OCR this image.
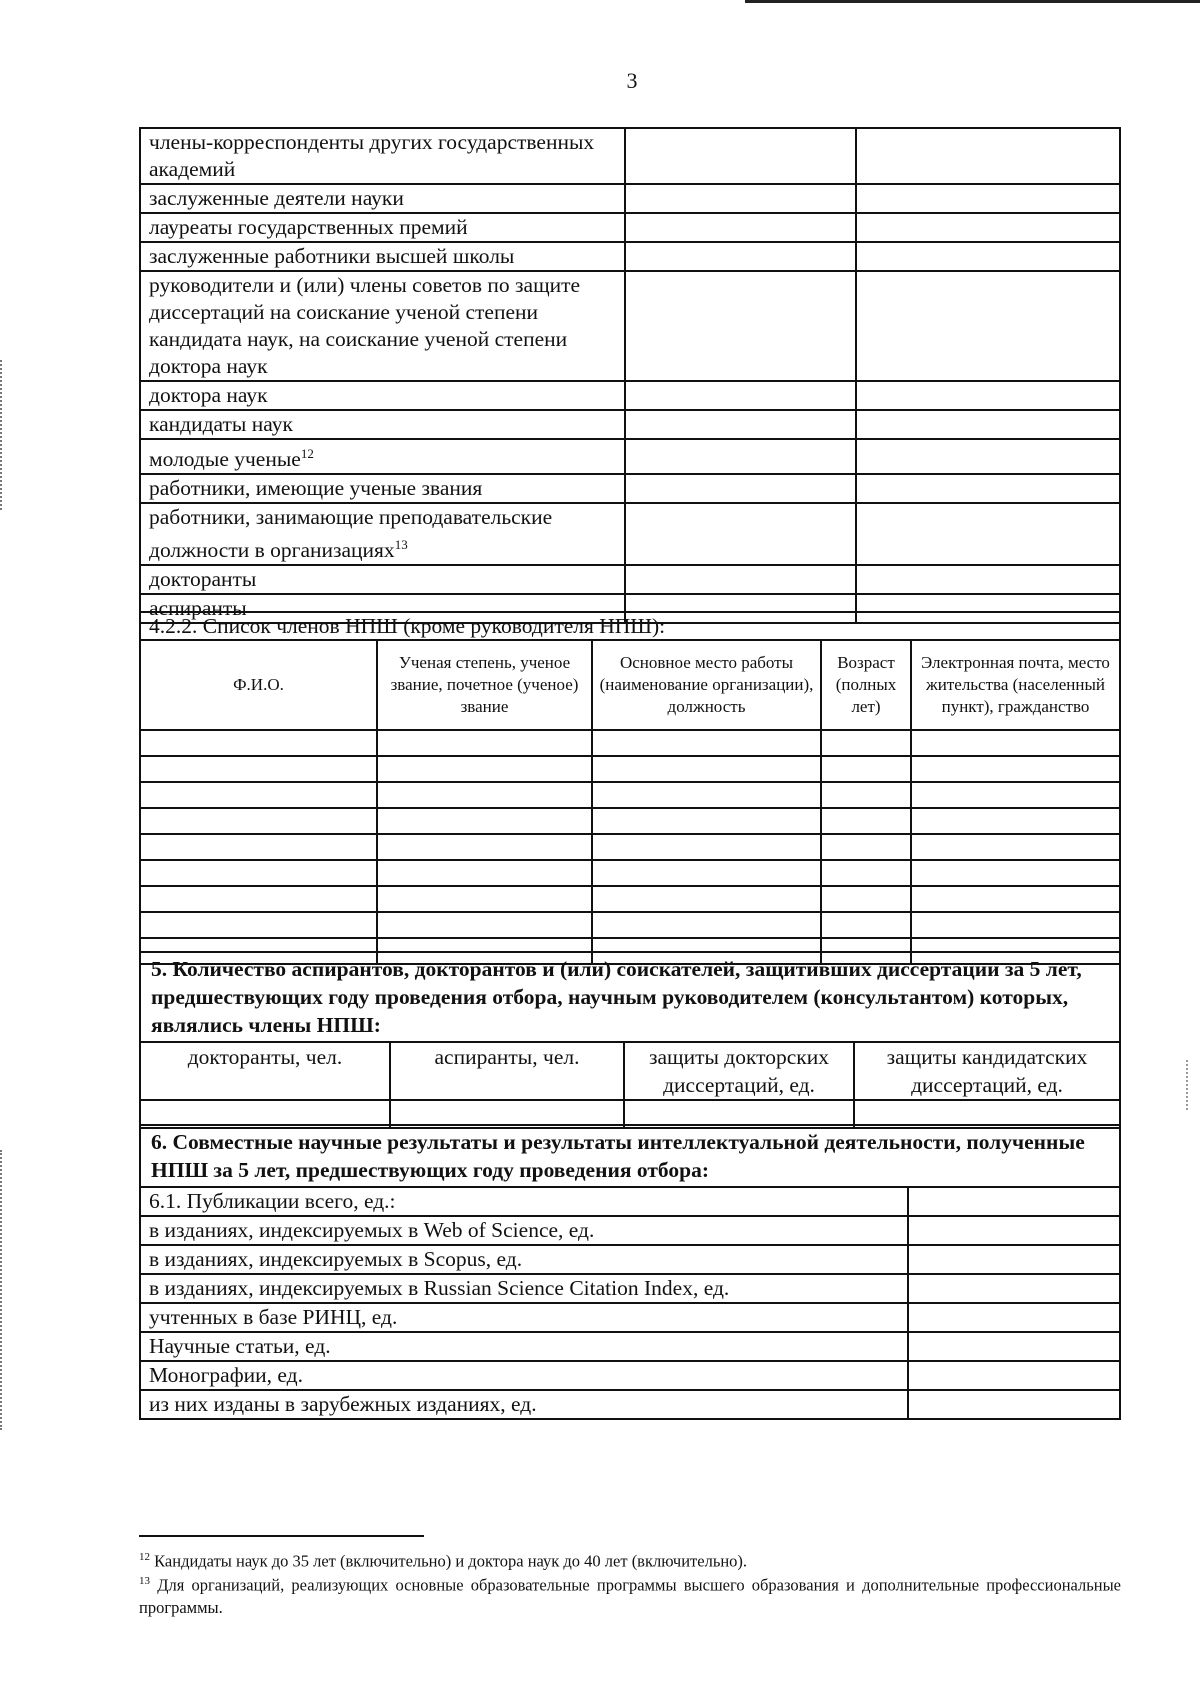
3
члены-корреспонденты других государственных академий		
заслуженные деятели науки		
лауреаты государственных премий		
заслуженные работники высшей школы		
руководители и (или) члены советов по защите диссертаций на соискание ученой степени кандидата наук, на соискание ученой степени доктора наук		
доктора наук		
кандидаты наук		
молодые ученые$^{12}$		
работники, имеющие ученые звания		
работники, занимающие преподавательские должности в организациях$^{13}$		
докторанты		
аспиранты		
4.2.2. Список членов НПШ (кроме руководителя НПШ):				
Ф.И.О.	Ученая степень, ученое звание, почетное (ученое) звание	Основное место работы (наименование организации), должность	Возраст (полных лет)	Электронная почта, место жительства (населенный пункт), гражданство

5. Количество аспирантов, докторантов и (или) соискателей, защитивших диссертации за 5 лет, предшествующих году проведения отбора, научным руководителем (консультантом) которых, являлись члены НПШ:			
докторанты, чел.	аспиранты, чел.	защиты докторских диссертаций, ед.	защиты кандидатских диссертаций, ед.

6. Совместные научные результаты и результаты интеллектуальной деятельности, полученные НПШ за 5 лет, предшествующих году проведения отбора:	
6.1. Публикации всего, ед.:	
в изданиях, индексируемых в Web of Science, ед.	
в изданиях, индексируемых в Scopus, ед.	
в изданиях, индексируемых в Russian Science Citation Index, ед.	
учтенных в базе РИНЦ, ед.	
Научные статьи, ед.	
Монографии, ед.	
из них изданы в зарубежных изданиях, ед.	
$^{12}$ Кандидаты наук до 35 лет (включительно) и доктора наук до 40 лет (включительно).
$^{13}$ Для организаций, реализующих основные образовательные программы высшего образования и дополнительные профессиональные программы.
